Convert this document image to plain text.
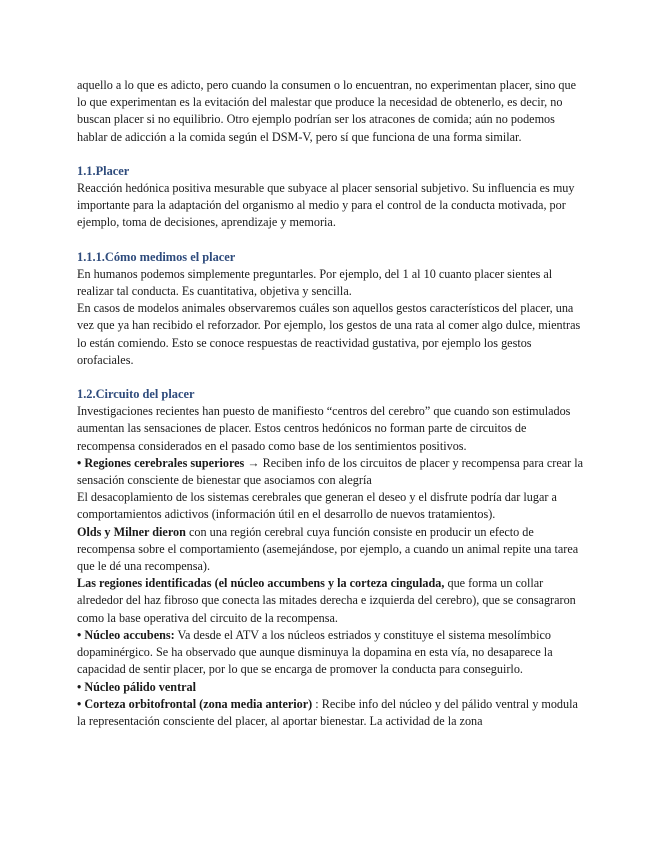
aquello a lo que es adicto, pero cuando la consumen o lo encuentran, no experimentan placer, sino que lo que experimentan es la evitación del malestar que produce la necesidad de obtenerlo, es decir, no buscan placer si no equilibrio. Otro ejemplo podrían ser los atracones de comida; aún no podemos hablar de adicción a la comida según el DSM-V, pero sí que funciona de una forma similar.

1.1.Placer

Reacción hedónica positiva mesurable que subyace al placer sensorial subjetivo. Su influencia es muy importante para la adaptación del organismo al medio y para el control de la conducta motivada, por ejemplo, toma de decisiones, aprendizaje y memoria.

1.1.1.Cómo medimos el placer

En humanos podemos simplemente preguntarles. Por ejemplo, del 1 al 10 cuanto placer sientes al realizar tal conducta. Es cuantitativa, objetiva y sencilla.

En casos de modelos animales observaremos cuáles son aquellos gestos característicos del placer, una vez que ya han recibido el reforzador. Por ejemplo, los gestos de una rata al comer algo dulce, mientras lo están comiendo. Esto se conoce respuestas de reactividad gustativa, por ejemplo los gestos orofaciales.

1.2.Circuito del placer

Investigaciones recientes han puesto de manifiesto “centros del cerebro” que cuando son estimulados aumentan las sensaciones de placer. Estos centros hedónicos no forman parte de circuitos de recompensa considerados en el pasado como base de los sentimientos positivos.

• Regiones cerebrales superiores → Reciben info de los circuitos de placer y recompensa para crear la sensación consciente de bienestar que asociamos con alegría

El desacoplamiento de los sistemas cerebrales que generan el deseo y el disfrute podría dar lugar a comportamientos adictivos (información útil en el desarrollo de nuevos tratamientos).

Olds y Milner dieron con una región cerebral cuya función consiste en producir un efecto de recompensa sobre el comportamiento (asemejándose, por ejemplo, a cuando un animal repite una tarea que le dé una recompensa).

Las regiones identificadas (el núcleo accumbens y la corteza cingulada, que forma un collar alrededor del haz fibroso que conecta las mitades derecha e izquierda del cerebro), que se consagraron como la base operativa del circuito de la recompensa.

• Núcleo accubens: Va desde el ATV a los núcleos estriados y constituye el sistema mesolímbico dopaminérgico. Se ha observado que aunque disminuya la dopamina en esta vía, no desaparece la capacidad de sentir placer, por lo que se encarga de promover la conducta para conseguirlo.

• Núcleo pálido ventral

• Corteza orbitofrontal (zona media anterior) : Recibe info del núcleo y del pálido ventral y modula la representación consciente del placer, al aportar bienestar. La actividad de la zona
